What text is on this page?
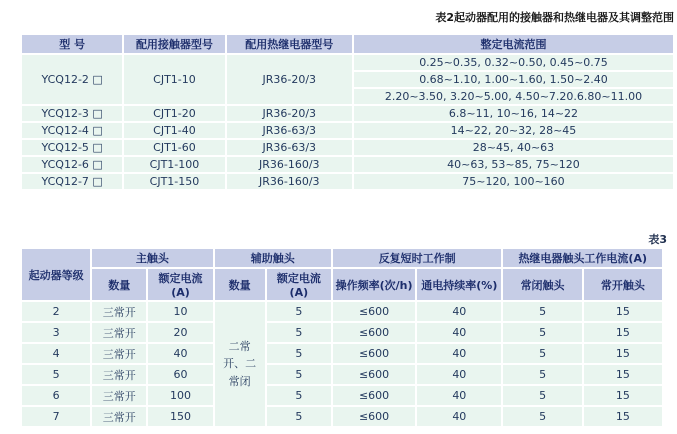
表2起动器配用的接触器和热继电器及其调整范围
型 号	配用接触器型号	配用热继电器型号	整定电流范围
YCQ12-2 □	CJT1-10	JR36-20/3	0.25~0.35, 0.32~0.50, 0.45~0.75
			0.68~1.10, 1.00~1.60, 1.50~2.40
			2.20~3.50, 3.20~5.00, 4.50~7.20.6.80~11.00
YCQ12-3 □	CJT1-20	JR36-20/3	6.8~11, 10~16, 14~22
YCQ12-4 □	CJT1-40	JR36-63/3	14~22, 20~32, 28~45
YCQ12-5 □	CJT1-60	JR36-63/3	28~45, 40~63
YCQ12-6 □	CJT1-100	JR36-160/3	40~63, 53~85, 75~120
YCQ12-7 □	CJT1-150	JR36-160/3	75~120, 100~160
表3
起动器等级	主触头		辅助触头		反复短时工作制		热继电器触头工作电流(A)	
	数量	额定电流(A)	数量	额定电流(A)	操作频率(次/h)	通电持续率(%)	常闭触头	常开触头
2	三常开	10	二常开、二常闭	5	≤600	40	5	15
3	三常开	20		5	≤600	40	5	15
4	三常开	40		5	≤600	40	5	15
5	三常开	60		5	≤600	40	5	15
6	三常开	100		5	≤600	40	5	15
7	三常开	150		5	≤600	40	5	15
